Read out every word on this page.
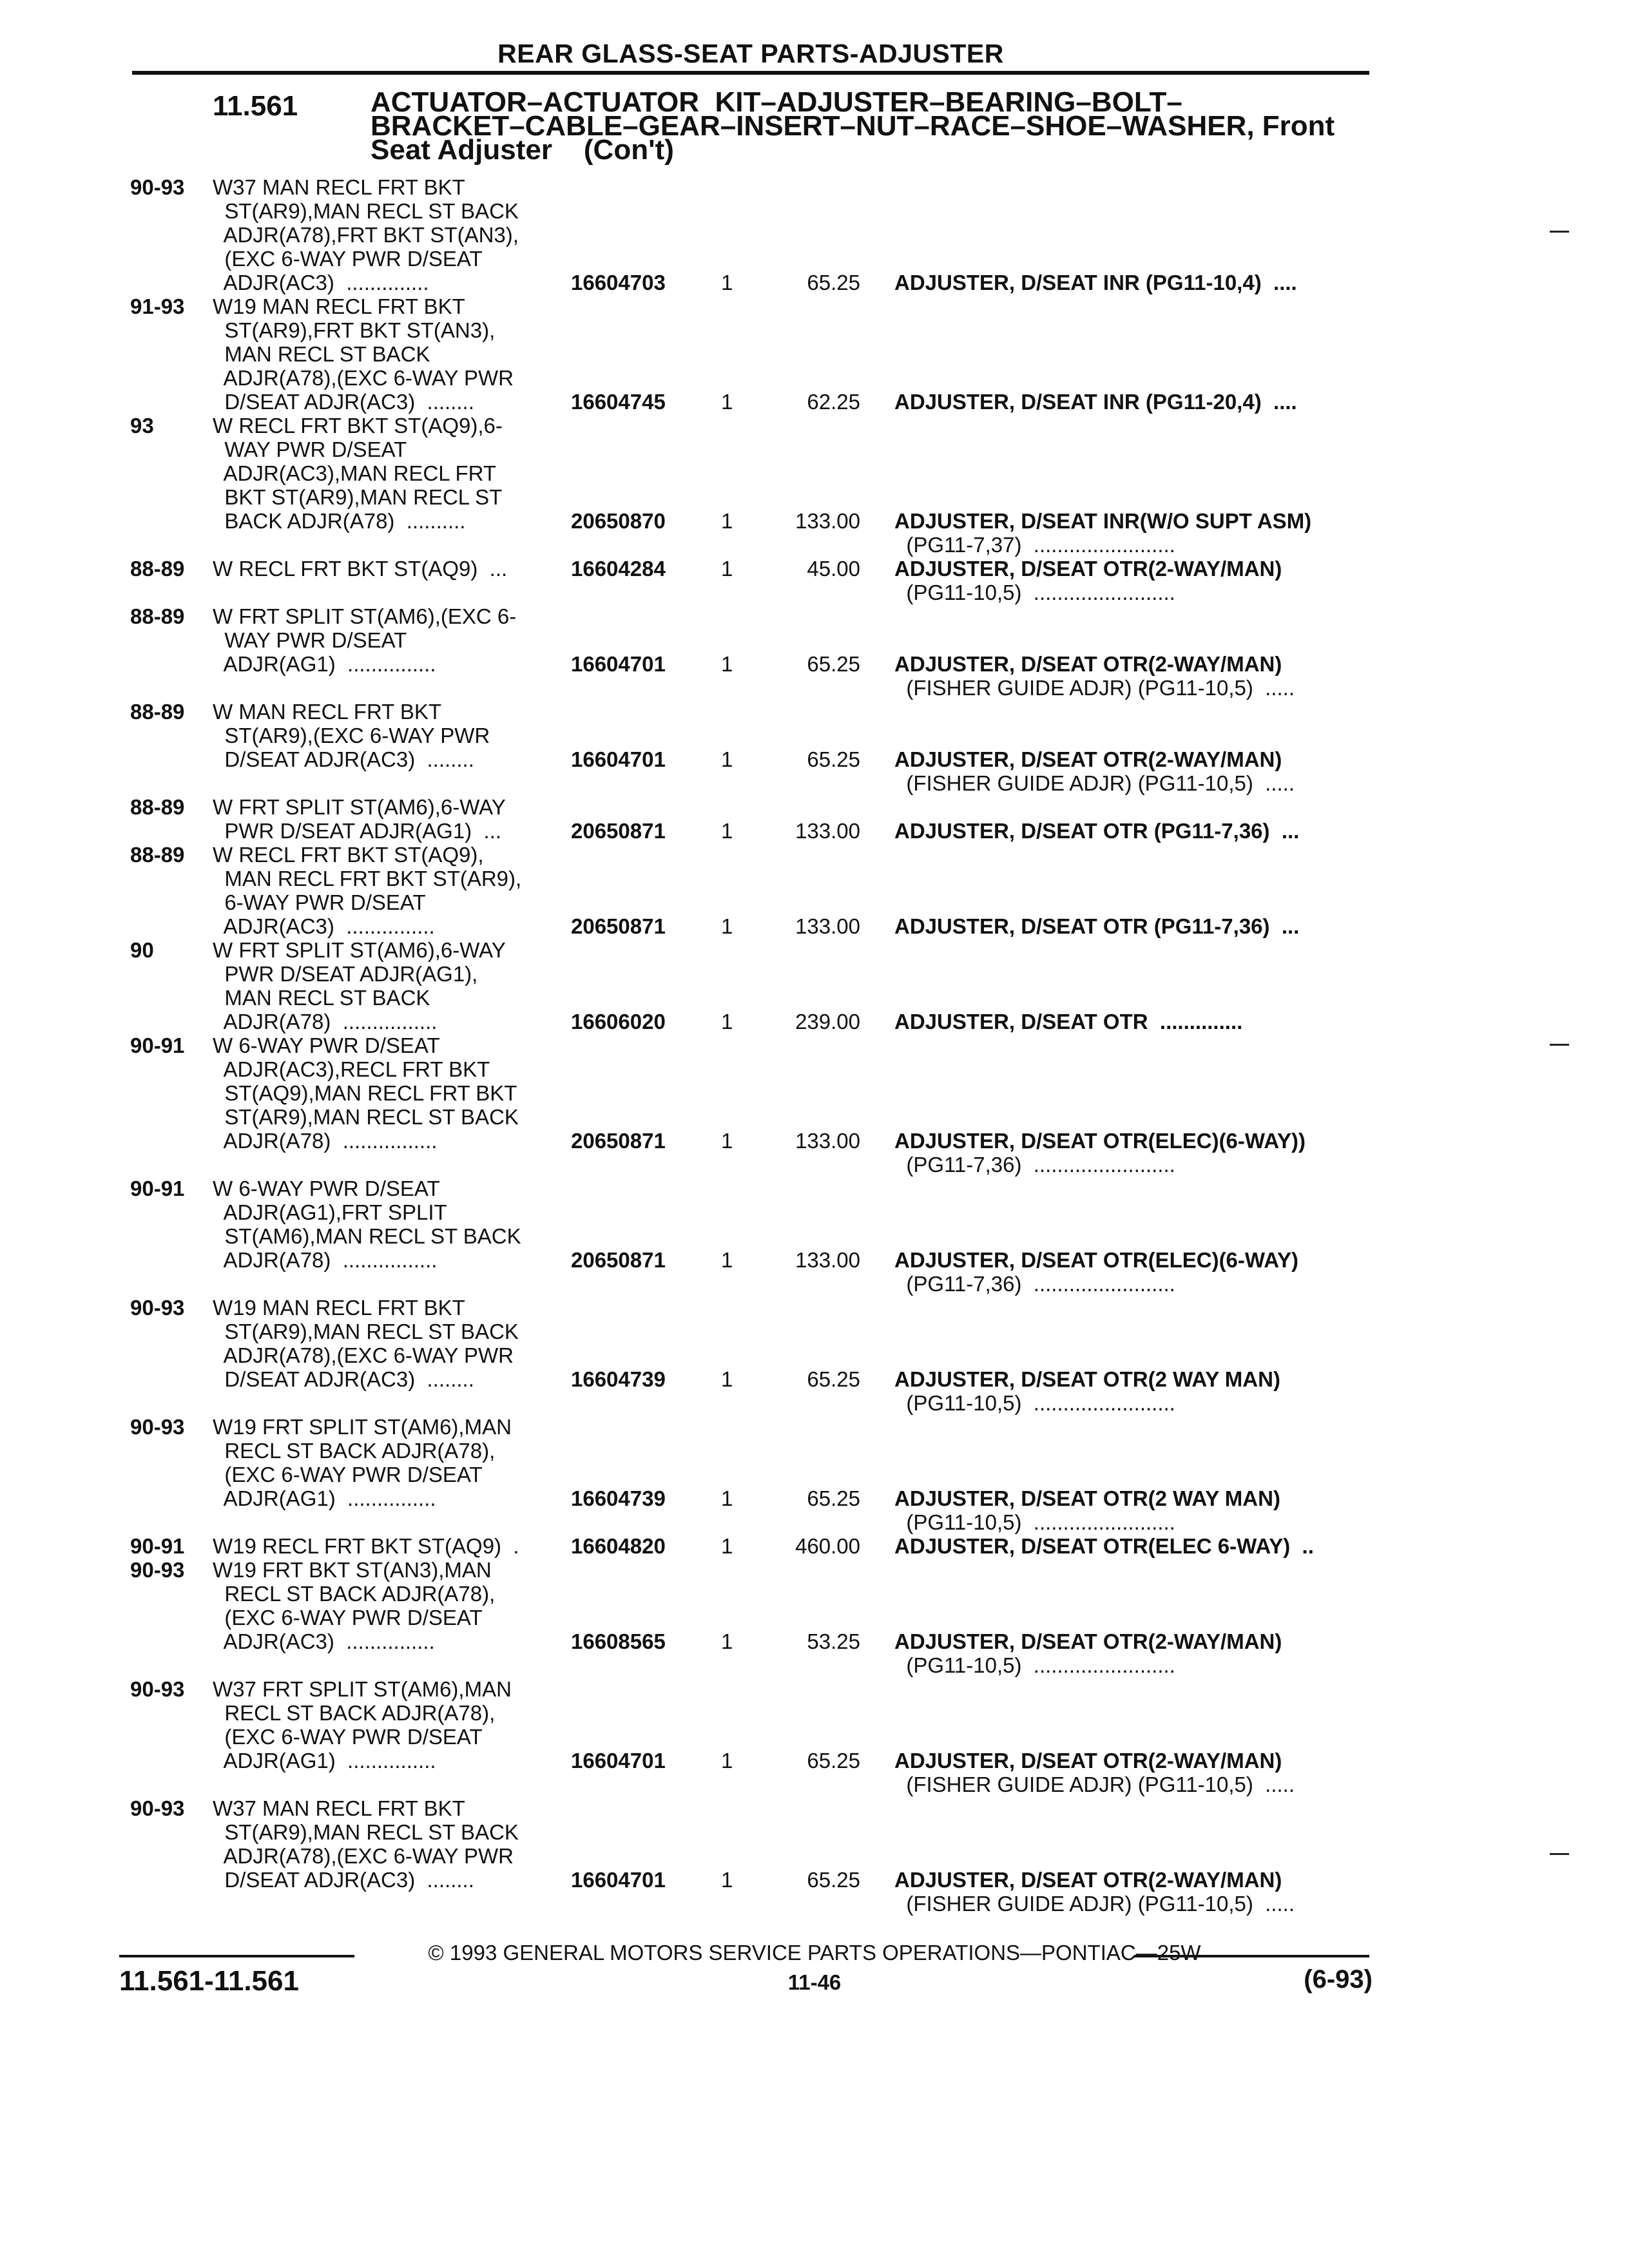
REAR GLASS-SEAT PARTS-ADJUSTER
11.561	ACTUATOR–ACTUATOR  KIT–ADJUSTER–BEARING–BOLT–
BRACKET–CABLE–GEAR–INSERT–NUT–RACE–SHOE–WASHER, Front
Seat Adjuster    (Con't)
90-93 W37 MAN RECL FRT BKT
ST(AR9),MAN RECL ST BACK
ADJR(A78),FRT BKT ST(AN3),
(EXC 6-WAY PWR D/SEAT
ADJR(AC3)  ..............	16604703	1	65.25 ADJUSTER, D/SEAT INR (PG11-10,4)  ....
91-93 W19 MAN RECL FRT BKT
ST(AR9),FRT BKT ST(AN3),
MAN RECL ST BACK
ADJR(A78),(EXC 6-WAY PWR
D/SEAT ADJR(AC3)  ........	16604745	1	62.25 ADJUSTER, D/SEAT INR (PG11-20,4)  ....
93	W RECL FRT BKT ST(AQ9),6-
WAY PWR D/SEAT
ADJR(AC3),MAN RECL FRT
BKT ST(AR9),MAN RECL ST
BACK ADJR(A78)  ..........	20650870	1	133.00 ADJUSTER, D/SEAT INR(W/O SUPT ASM)
(PG11-7,37)  ........................
88-89 W RECL FRT BKT ST(AQ9)  ...	16604284	1	45.00 ADJUSTER, D/SEAT OTR(2-WAY/MAN)
(PG11-10,5)  ........................
88-89 W FRT SPLIT ST(AM6),(EXC 6-
WAY PWR D/SEAT
ADJR(AG1)  ...............	16604701	1	65.25 ADJUSTER, D/SEAT OTR(2-WAY/MAN)
(FISHER GUIDE ADJR) (PG11-10,5)  .....
88-89 W MAN RECL FRT BKT
ST(AR9),(EXC 6-WAY PWR
D/SEAT ADJR(AC3)  ........	16604701	1	65.25 ADJUSTER, D/SEAT OTR(2-WAY/MAN)
(FISHER GUIDE ADJR) (PG11-10,5)  .....
88-89 W FRT SPLIT ST(AM6),6-WAY
PWR D/SEAT ADJR(AG1)  ...	20650871	1	133.00 ADJUSTER, D/SEAT OTR (PG11-7,36)  ...
88-89 W RECL FRT BKT ST(AQ9),
MAN RECL FRT BKT ST(AR9),
6-WAY PWR D/SEAT
ADJR(AC3)  ...............	20650871	1	133.00 ADJUSTER, D/SEAT OTR (PG11-7,36)  ...
90	W FRT SPLIT ST(AM6),6-WAY
PWR D/SEAT ADJR(AG1),
MAN RECL ST BACK
ADJR(A78)  ................	16606020	1	239.00 ADJUSTER, D/SEAT OTR  ..............
90-91 W 6-WAY PWR D/SEAT
ADJR(AC3),RECL FRT BKT
ST(AQ9),MAN RECL FRT BKT
ST(AR9),MAN RECL ST BACK
ADJR(A78)  ................	20650871	1	133.00 ADJUSTER, D/SEAT OTR(ELEC)(6-WAY))
(PG11-7,36)  ........................
90-91 W 6-WAY PWR D/SEAT
ADJR(AG1),FRT SPLIT
ST(AM6),MAN RECL ST BACK
ADJR(A78)  ................	20650871	1	133.00 ADJUSTER, D/SEAT OTR(ELEC)(6-WAY)
(PG11-7,36)  ........................
90-93 W19 MAN RECL FRT BKT
ST(AR9),MAN RECL ST BACK
ADJR(A78),(EXC 6-WAY PWR
D/SEAT ADJR(AC3)  ........	16604739	1	65.25 ADJUSTER, D/SEAT OTR(2 WAY MAN)
(PG11-10,5)  ........................
90-93 W19 FRT SPLIT ST(AM6),MAN
RECL ST BACK ADJR(A78),
(EXC 6-WAY PWR D/SEAT
ADJR(AG1)  ...............	16604739	1	65.25 ADJUSTER, D/SEAT OTR(2 WAY MAN)
(PG11-10,5)  ........................
90-91 W19 RECL FRT BKT ST(AQ9)  . 16604820	1	460.00 ADJUSTER, D/SEAT OTR(ELEC 6-WAY)  ..
90-93 W19 FRT BKT ST(AN3),MAN
RECL ST BACK ADJR(A78),
(EXC 6-WAY PWR D/SEAT
ADJR(AC3)  ...............	16608565	1	53.25 ADJUSTER, D/SEAT OTR(2-WAY/MAN)
(PG11-10,5)  ........................
90-93 W37 FRT SPLIT ST(AM6),MAN
RECL ST BACK ADJR(A78),
(EXC 6-WAY PWR D/SEAT
ADJR(AG1)  ...............	16604701	1	65.25 ADJUSTER, D/SEAT OTR(2-WAY/MAN)
(FISHER GUIDE ADJR) (PG11-10,5)  .....
90-93 W37 MAN RECL FRT BKT
ST(AR9),MAN RECL ST BACK
ADJR(A78),(EXC 6-WAY PWR
D/SEAT ADJR(AC3)  ........	16604701	1	65.25 ADJUSTER, D/SEAT OTR(2-WAY/MAN)
(FISHER GUIDE ADJR) (PG11-10,5)  .....
© 1993 GENERAL MOTORS SERVICE PARTS OPERATIONS—PONTIAC—25W
11.561-11.561	11-46	(6-93)
